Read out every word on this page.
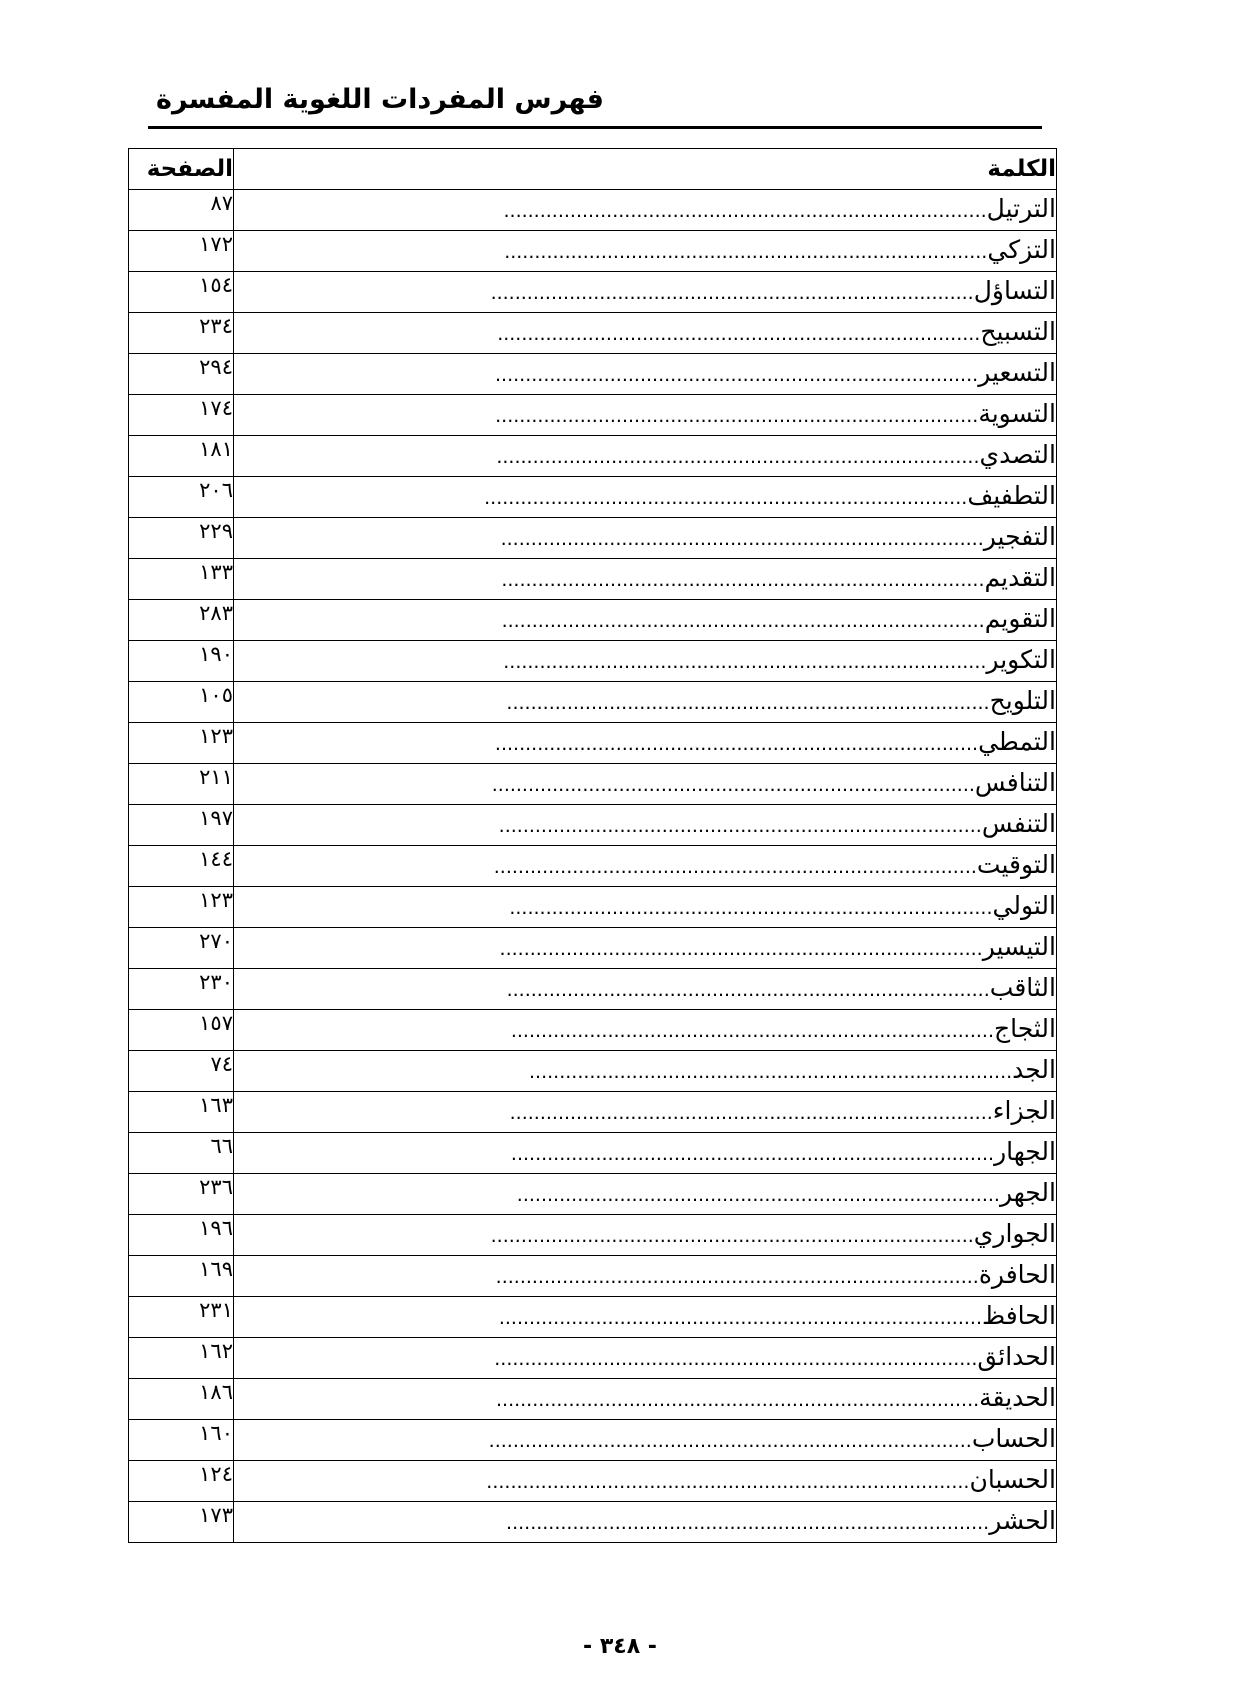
فهرس المفردات اللغوية المفسرة
الكلمة	الصفحة
الترتيل................................................................................	٨٧
التزكي................................................................................	١٧٢
التساؤل................................................................................	١٥٤
التسبيح................................................................................	٢٣٤
التسعير................................................................................	٢٩٤
التسوية................................................................................	١٧٤
التصدي................................................................................	١٨١
التطفيف................................................................................	٢٠٦
التفجير................................................................................	٢٢٩
التقديم................................................................................	١٣٣
التقويم................................................................................	٢٨٣
التكوير................................................................................	١٩٠
التلويح................................................................................	١٠٥
التمطي................................................................................	١٢٣
التنافس................................................................................	٢١١
التنفس................................................................................	١٩٧
التوقيت................................................................................	١٤٤
التولي................................................................................	١٢٣
التيسير................................................................................	٢٧٠
الثاقب................................................................................	٢٣٠
الثجاج................................................................................	١٥٧
الجد................................................................................	٧٤
الجزاء................................................................................	١٦٣
الجهار................................................................................	٦٦
الجهر................................................................................	٢٣٦
الجواري................................................................................	١٩٦
الحافرة................................................................................	١٦٩
الحافظ................................................................................	٢٣١
الحدائق................................................................................	١٦٢
الحديقة................................................................................	١٨٦
الحساب................................................................................	١٦٠
الحسبان................................................................................	١٢٤
الحشر................................................................................	١٧٣
- ٣٤٨ -
